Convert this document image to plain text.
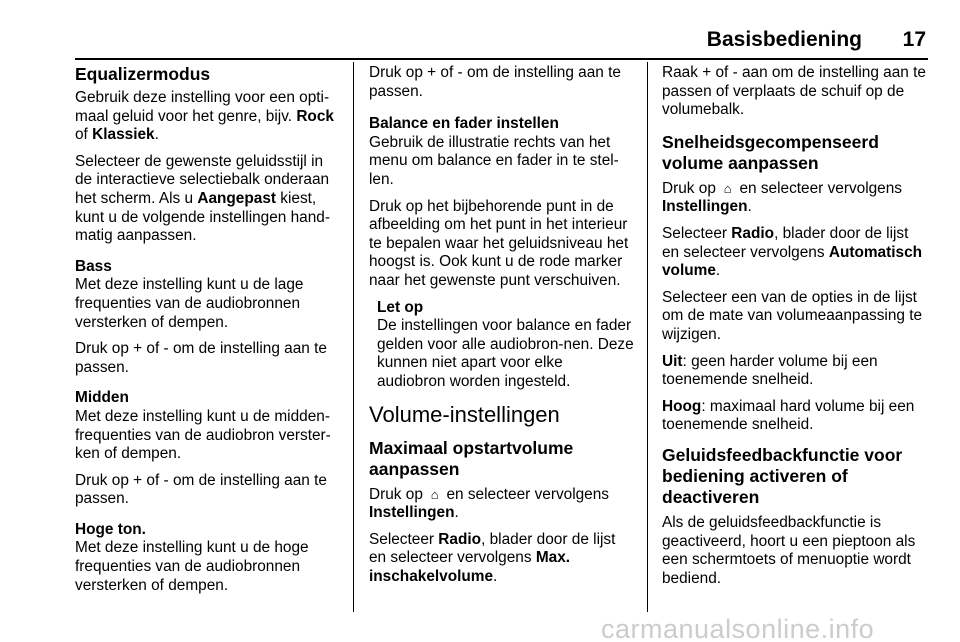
Basisbediening 17
Equalizermodus

Gebruik deze instelling voor een opti‐maal geluid voor het genre, bijv. Rock of Klassiek.

Selecteer de gewenste geluidsstijl in de interactieve selectiebalk onderaan het scherm. Als u Aangepast kiest, kunt u de volgende instellingen hand‐matig aanpassen.

Bass

Met deze instelling kunt u de lage frequenties van de audiobronnen versterken of dempen.

Druk op + of - om de instelling aan te passen.

Midden

Met deze instelling kunt u de midden‐frequenties van de audiobron verster‐ken of dempen.

Druk op + of - om de instelling aan te passen.

Hoge ton.

Met deze instelling kunt u de hoge frequenties van de audiobronnen versterken of dempen.

Druk op + of - om de instelling aan te passen.

Balance en fader instellen

Gebruik de illustratie rechts van het menu om balance en fader in te stel‐len.

Druk op het bijbehorende punt in de afbeelding om het punt in het interieur te bepalen waar het geluidsniveau het hoogst is. Ook kunt u de rode marker naar het gewenste punt verschuiven.

Let op

De instellingen voor balance en fader gelden voor alle audiobron‐nen. Deze kunnen niet apart voor elke audiobron worden ingesteld.

Volume-instellingen
Maximaal opstartvolume aanpassen

Druk op ⌂ en selecteer vervolgens Instellingen.

Selecteer Radio, blader door de lijst en selecteer vervolgens Max. inschakelvolume.

Raak + of - aan om de instelling aan te passen of verplaats de schuif op de volumebalk.

Snelheidsgecompenseerd volume aanpassen

Druk op ⌂ en selecteer vervolgens Instellingen.

Selecteer Radio, blader door de lijst en selecteer vervolgens Automatisch volume.

Selecteer een van de opties in de lijst om de mate van volumeaanpassing te wijzigen.

Uit: geen harder volume bij een toenemende snelheid.

Hoog: maximaal hard volume bij een toenemende snelheid.

Geluidsfeedbackfunctie voor bediening activeren of deactiveren

Als de geluidsfeedbackfunctie is geactiveerd, hoort u een pieptoon als een schermtoets of menuoptie wordt bediend.

carmanualsonline.info
